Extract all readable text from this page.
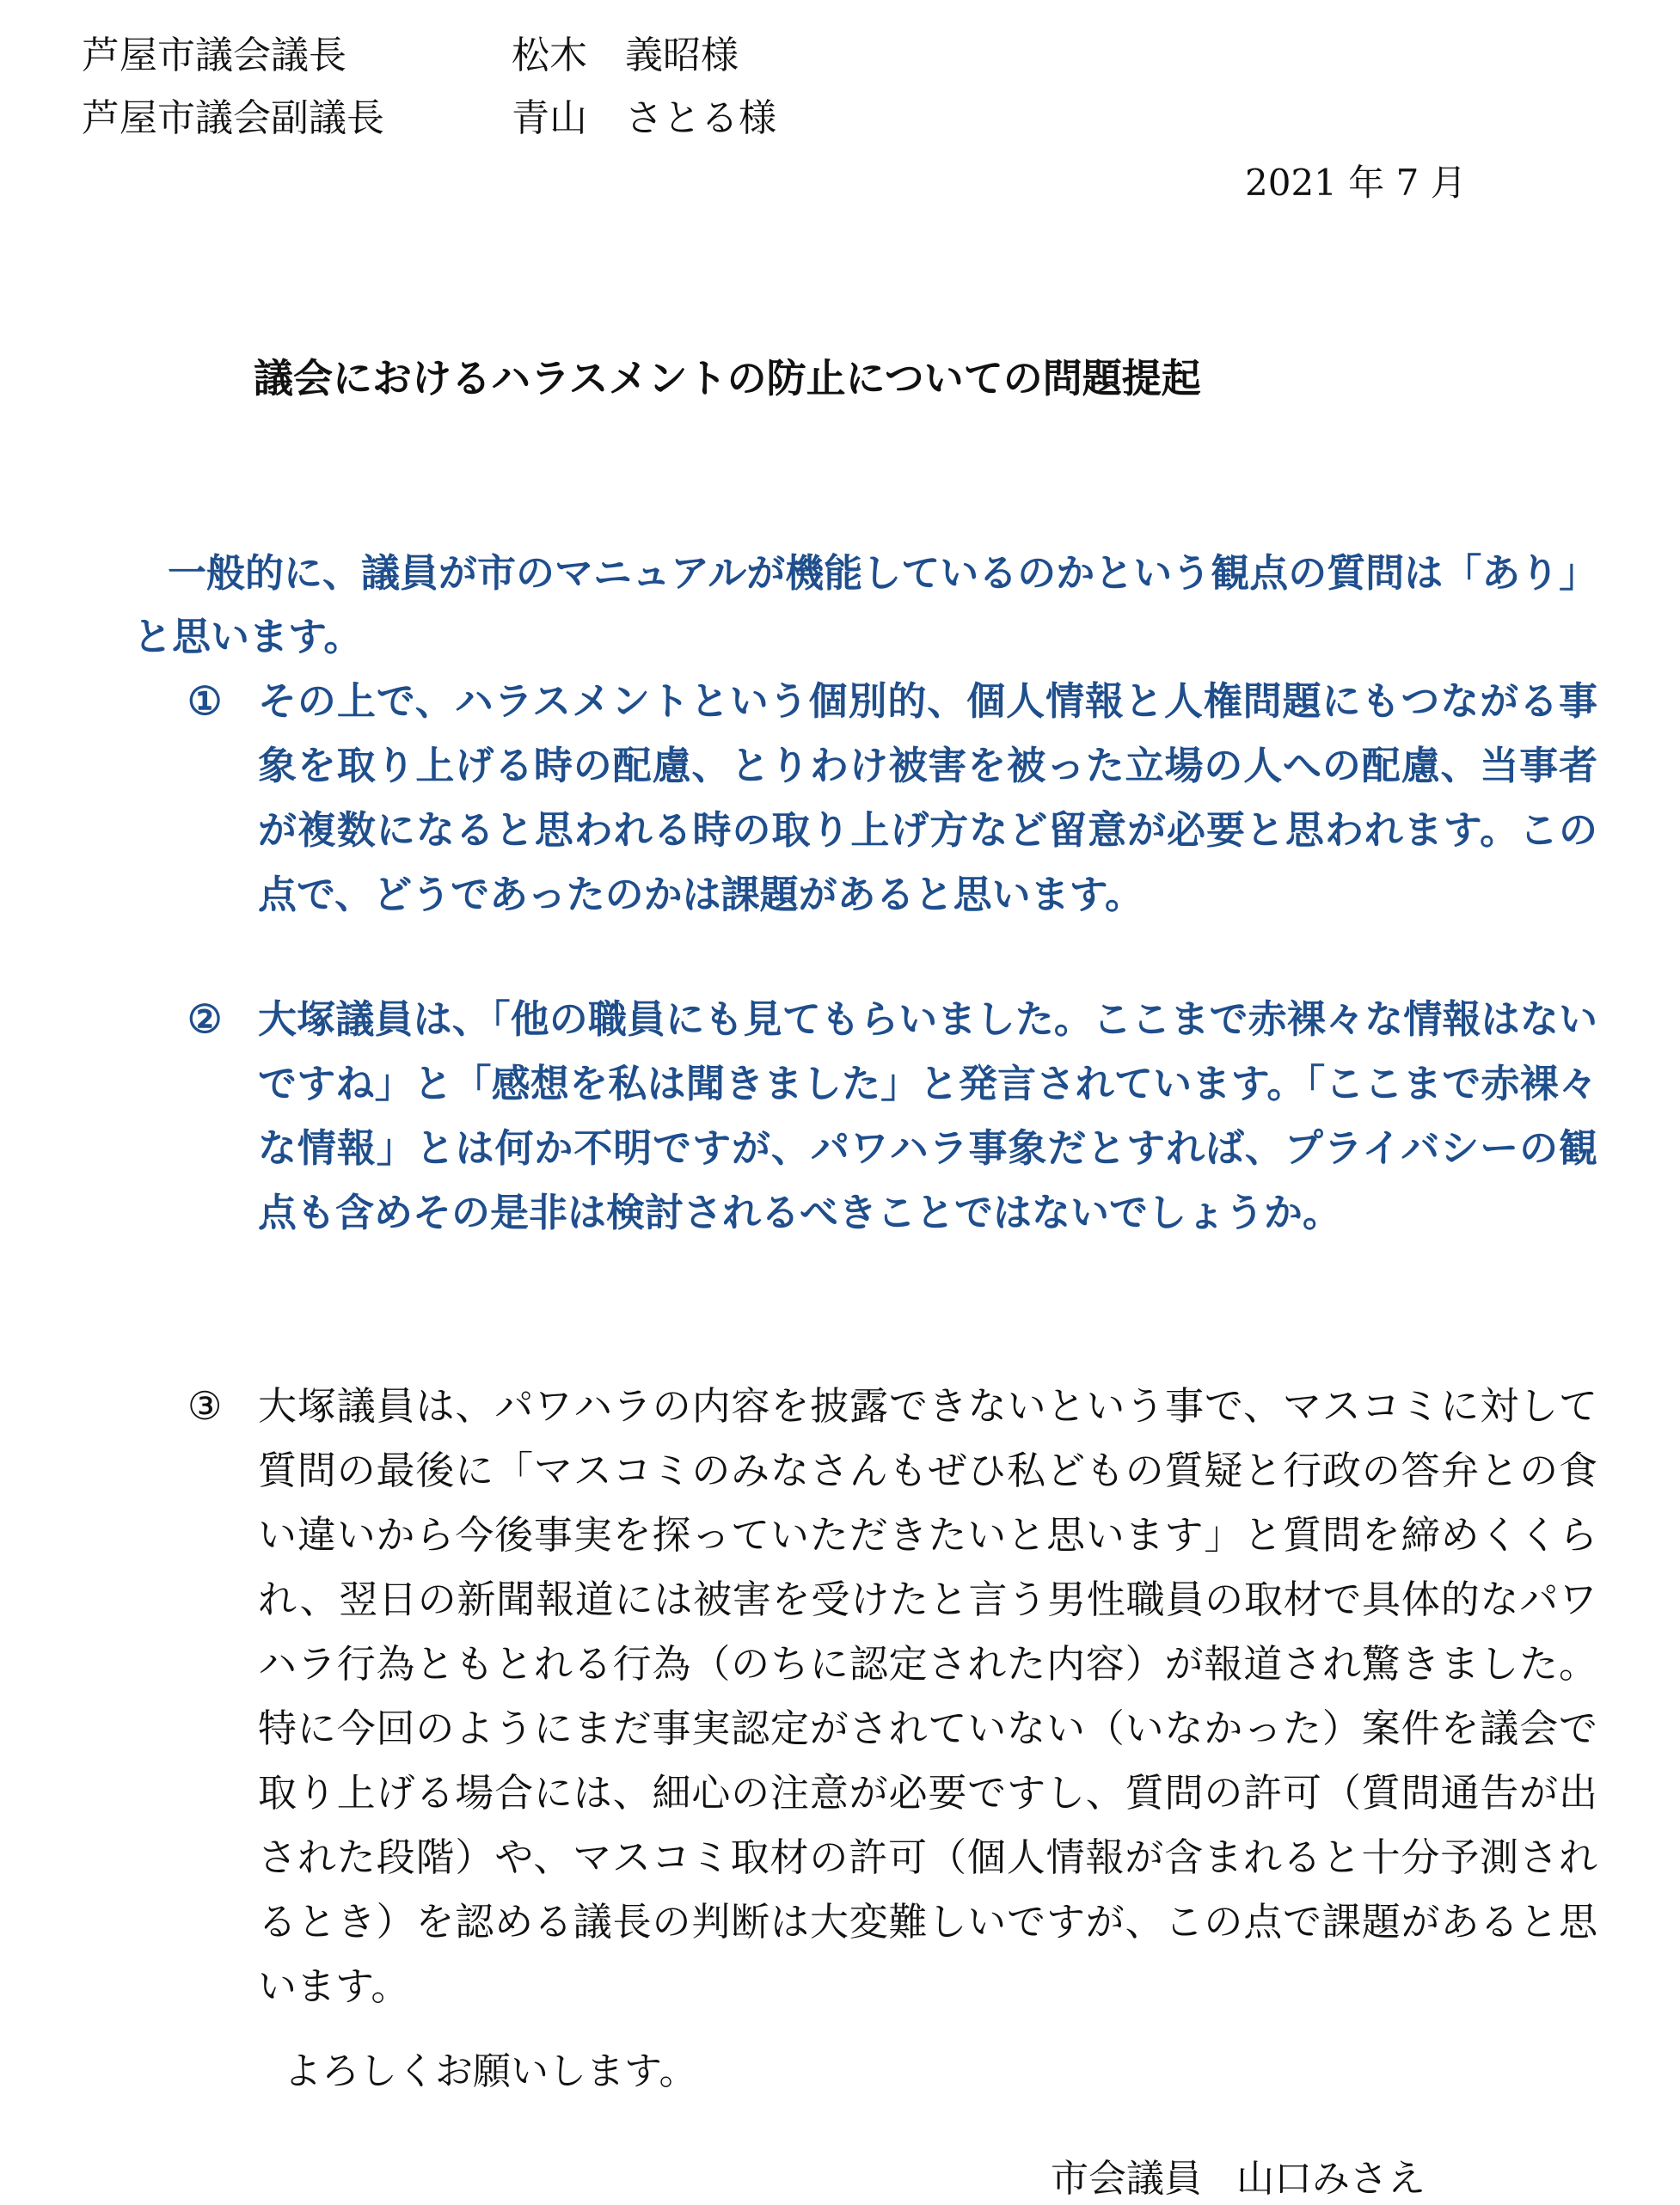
芦屋市議会議長	松木　義昭様
芦屋市議会副議長	青山　さとる様
2021 年 7 月
議会におけるハラスメントの防止についての問題提起

一般的に、議員が市のマニュアルが機能しているのかという観点の質問は「あり」と思います。

① その上で、ハラスメントという個別的、個人情報と人権問題にもつながる事象を取り上げる時の配慮、とりわけ被害を被った立場の人への配慮、当事者が複数になると思われる時の取り上げ方など留意が必要と思われます。この点で、どうであったのかは課題があると思います。
② 大塚議員は、「他の職員にも見てもらいました。ここまで赤裸々な情報はないですね」と「感想を私は聞きました」と発言されています。「ここまで赤裸々な情報」とは何か不明ですが、パワハラ事象だとすれば、プライバシーの観点も含めその是非は検討されるべきことではないでしょうか。
③ 大塚議員は、パワハラの内容を披露できないという事で、マスコミに対して質問の最後に「マスコミのみなさんもぜひ私どもの質疑と行政の答弁との食い違いから今後事実を探っていただきたいと思います」と質問を締めくくられ、翌日の新聞報道には被害を受けたと言う男性職員の取材で具体的なパワハラ行為ともとれる行為（のちに認定された内容）が報道され驚きました。特に今回のようにまだ事実認定がされていない（いなかった）案件を議会で取り上げる場合には、細心の注意が必要ですし、質問の許可（質問通告が出された段階）や、マスコミ取材の許可（個人情報が含まれると十分予測されるとき）を認める議長の判断は大変難しいですが、この点で課題があると思います。
よろしくお願いします。
市会議員 山口みさえ
